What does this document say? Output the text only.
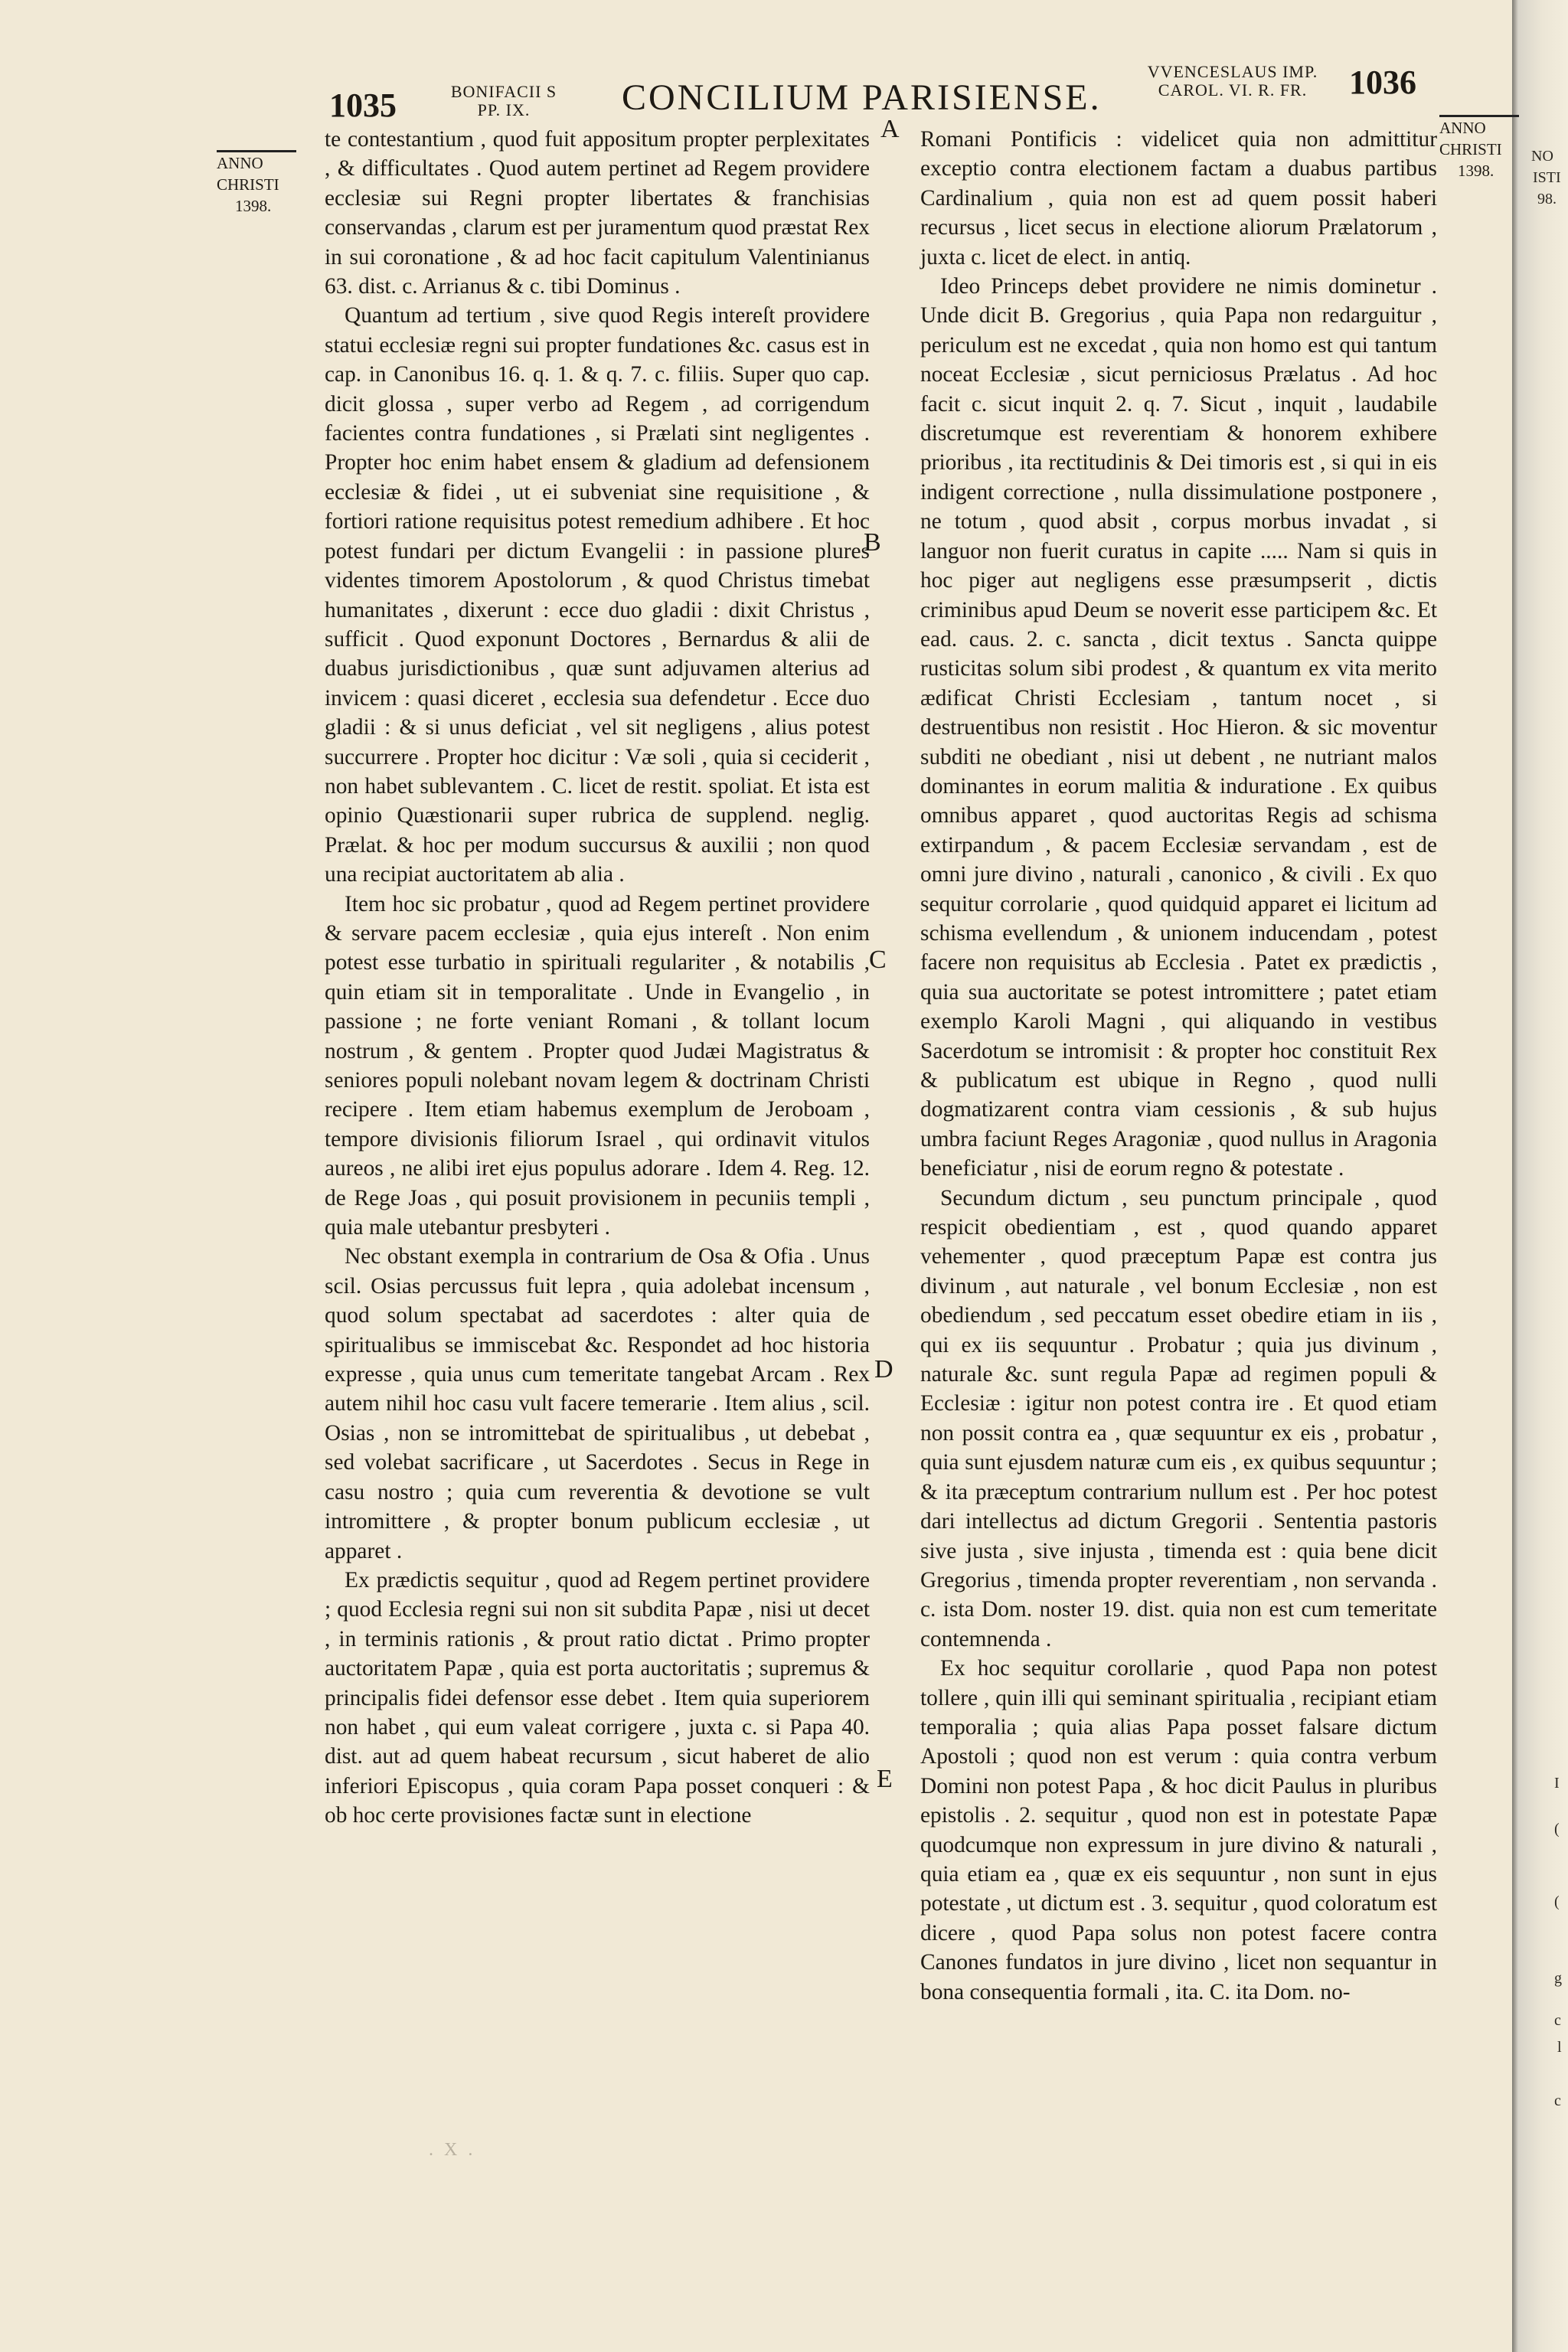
1035	BONIFACII S
PP. IX.	CONCILIUM PARISIENSE.
VVENCESLAUS IMP.
CAROL. VI. R. FR.	1036
ANNO
CHRISTI
1398.
ANNO
CHRISTI
1398.
A
B
C
D
E
NO
ISTI
98.
I
(
(
g
c
l
c

te contestantium , quod fuit appositum propter perplexitates , & difficultates . Quod autem pertinet ad Regem providere ecclesiæ sui Regni propter libertates & franchisias conservandas , clarum est per juramentum quod præstat Rex in sui coronatione , & ad hoc facit capitulum Valentinianus 63. dist. c. Arrianus & c. tibi Dominus .

Quantum ad tertium , sive quod Regis intereſt providere statui ecclesiæ regni sui propter fundationes &c. casus est in cap. in Canonibus 16. q. 1. & q. 7. c. filiis. Super quo cap. dicit glossa , super verbo ad Regem , ad corrigendum facientes contra fundationes , si Prælati sint negligentes . Propter hoc enim habet ensem & gladium ad defensionem ecclesiæ & fidei , ut ei subveniat sine requisitione , & fortiori ratione requisitus potest remedium adhibere . Et hoc potest fundari per dictum Evangelii : in passione plures videntes timorem Apostolorum , & quod Christus timebat humanitates , dixerunt : ecce duo gladii : dixit Christus , sufficit . Quod exponunt Doctores , Bernardus & alii de duabus jurisdictionibus , quæ sunt adjuvamen alterius ad invicem : quasi diceret , ecclesia sua defendetur . Ecce duo gladii : & si unus deficiat , vel sit negligens , alius potest succurrere . Propter hoc dicitur : Væ soli , quia si ceciderit , non habet sublevantem . C. licet de restit. spoliat. Et ista est opinio Quæstionarii super rubrica de supplend. neglig. Prælat. & hoc per modum succursus & auxilii ; non quod una recipiat auctoritatem ab alia .

Item hoc sic probatur , quod ad Regem pertinet providere & servare pacem ecclesiæ , quia ejus intereſt . Non enim potest esse turbatio in spirituali regulariter , & notabilis , quin etiam sit in temporalitate . Unde in Evangelio , in passione ; ne forte veniant Romani , & tollant locum nostrum , & gentem . Propter quod Judæi Magistratus & seniores populi nolebant novam legem & doctrinam Christi recipere . Item etiam habemus exemplum de Jeroboam , tempore divisionis filiorum Israel , qui ordinavit vitulos aureos , ne alibi iret ejus populus adorare . Idem 4. Reg. 12. de Rege Joas , qui posuit provisionem in pecuniis templi , quia male utebantur presbyteri .

Nec obstant exempla in contrarium de Osa & Ofia . Unus scil. Osias percussus fuit lepra , quia adolebat incensum , quod solum spectabat ad sacerdotes : alter quia de spiritualibus se immiscebat &c. Respondet ad hoc historia expresse , quia unus cum temeritate tangebat Arcam . Rex autem nihil hoc casu vult facere temerarie . Item alius , scil. Osias , non se intromittebat de spiritualibus , ut debebat , sed volebat sacrificare , ut Sacerdotes . Secus in Rege in casu nostro ; quia cum reverentia & devotione se vult intromittere , & propter bonum publicum ecclesiæ , ut apparet .

Ex prædictis sequitur , quod ad Regem pertinet providere ; quod Ecclesia regni sui non sit subdita Papæ , nisi ut decet , in terminis rationis , & prout ratio dictat . Primo propter auctoritatem Papæ , quia est porta auctoritatis ; supremus & principalis fidei defensor esse debet . Item quia superiorem non habet , qui eum valeat corrigere , juxta c. si Papa 40. dist. aut ad quem habeat recursum , sicut haberet de alio inferiori Episcopus , quia coram Papa posset conqueri : & ob hoc certe provisiones factæ sunt in electione

Romani Pontificis : videlicet quia non admittitur exceptio contra electionem factam a duabus partibus Cardinalium , quia non est ad quem possit haberi recursus , licet secus in electione aliorum Prælatorum , juxta c. licet de elect. in antiq.

Ideo Princeps debet providere ne nimis dominetur . Unde dicit B. Gregorius , quia Papa non redarguitur , periculum est ne excedat , quia non homo est qui tantum noceat Ecclesiæ , sicut perniciosus Prælatus . Ad hoc facit c. sicut inquit 2. q. 7. Sicut , inquit , laudabile discretumque est reverentiam & honorem exhibere prioribus , ita rectitudinis & Dei timoris est , si qui in eis indigent correctione , nulla dissimulatione postponere , ne totum , quod absit , corpus morbus invadat , si languor non fuerit curatus in capite ..... Nam si quis in hoc piger aut negligens esse præsumpserit , dictis criminibus apud Deum se noverit esse participem &c. Et ead. caus. 2. c. sancta , dicit textus . Sancta quippe rusticitas solum sibi prodest , & quantum ex vita merito ædificat Christi Ecclesiam , tantum nocet , si destruentibus non resistit . Hoc Hieron. & sic moventur subditi ne obediant , nisi ut debent , ne nutriant malos dominantes in eorum malitia & induratione . Ex quibus omnibus apparet , quod auctoritas Regis ad schisma extirpandum , & pacem Ecclesiæ servandam , est de omni jure divino , naturali , canonico , & civili . Ex quo sequitur corrolarie , quod quidquid apparet ei licitum ad schisma evellendum , & unionem inducendam , potest facere non requisitus ab Ecclesia . Patet ex prædictis , quia sua auctoritate se potest intromittere ; patet etiam exemplo Karoli Magni , qui aliquando in vestibus Sacerdotum se intromisit : & propter hoc constituit Rex & publicatum est ubique in Regno , quod nulli dogmatizarent contra viam cessionis , & sub hujus umbra faciunt Reges Aragoniæ , quod nullus in Aragonia beneficiatur , nisi de eorum regno & potestate .

Secundum dictum , seu punctum principale , quod respicit obedientiam , est , quod quando apparet vehementer , quod præceptum Papæ est contra jus divinum , aut naturale , vel bonum Ecclesiæ , non est obediendum , sed peccatum esset obedire etiam in iis , qui ex iis sequuntur . Probatur ; quia jus divinum , naturale &c. sunt regula Papæ ad regimen populi & Ecclesiæ : igitur non potest contra ire . Et quod etiam non possit contra ea , quæ sequuntur ex eis , probatur , quia sunt ejusdem naturæ cum eis , ex quibus sequuntur ; & ita præceptum contrarium nullum est . Per hoc potest dari intellectus ad dictum Gregorii . Sententia pastoris sive justa , sive injusta , timenda est : quia bene dicit Gregorius , timenda propter reverentiam , non servanda . c. ista Dom. noster 19. dist. quia non est cum temeritate contemnenda .

Ex hoc sequitur corollarie , quod Papa non potest tollere , quin illi qui seminant spiritualia , recipiant etiam temporalia ; quia alias Papa posset falsare dictum Apostoli ; quod non est verum : quia contra verbum Domini non potest Papa , & hoc dicit Paulus in pluribus epistolis . 2. sequitur , quod non est in potestate Papæ quodcumque non expressum in jure divino & naturali , quia etiam ea , quæ ex eis sequuntur , non sunt in ejus potestate , ut dictum est . 3. sequitur , quod coloratum est dicere , quod Papa solus non potest facere contra Canones fundatos in jure divino , licet non sequantur in bona consequentia formali , ita. C. ita Dom. no-

. X .
